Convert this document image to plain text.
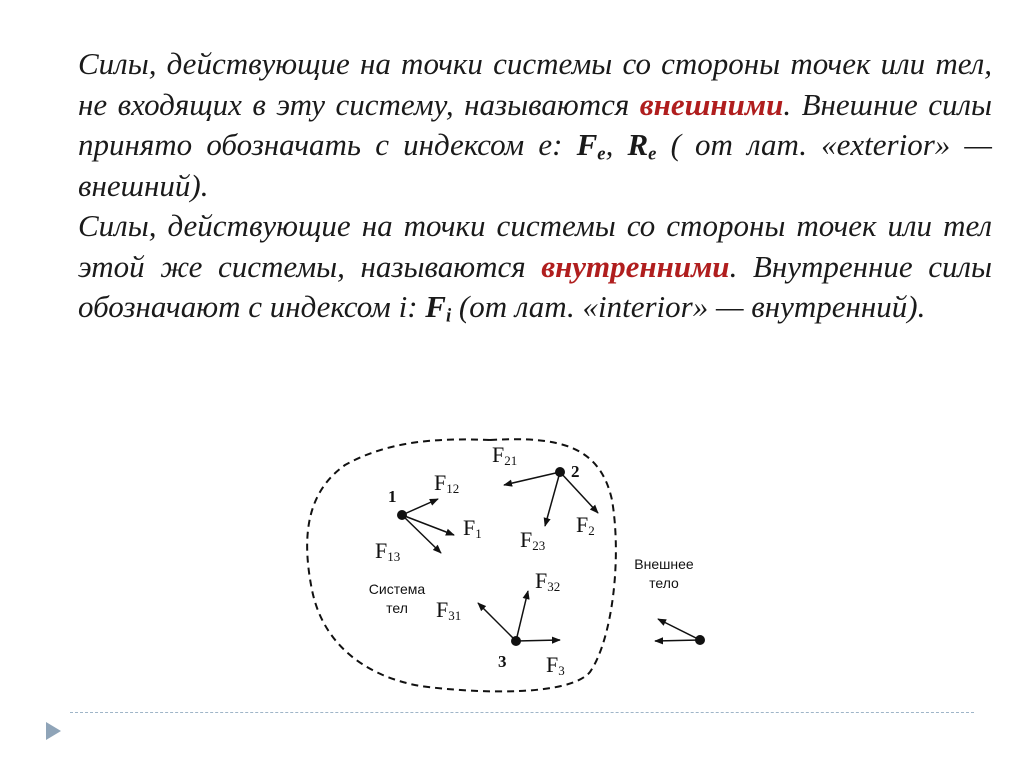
Силы, действующие на точки системы со стороны точек или тел, не входящих в эту систему, называются внешними. Внешние силы принято обозначать с индексом е: $F_e$, $R_e$ ( от лат. «exterior» — внешний).

Силы, действующие на точки системы со стороны точек или тел этой же системы, называются внутренними. Внутренние силы обозначают с индексом i: $F_i$ (от лат. «interior» — внутренний).

1
2
3
F21
F12
F1
F13
F23
F2
F32
F31
F3
Система
тел
Внешнее
тело
